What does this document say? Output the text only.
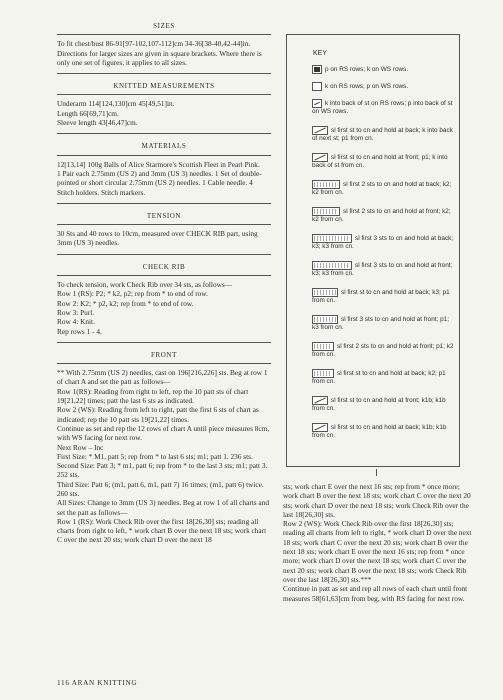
SIZES

To fit chest/bust 86-91[97-102,107-112]cm 34-36[38-40,42-44]in. Directions for larger sizes are given in square brackets. Where there is only one set of figures, it applies to all sizes.

KNITTED MEASUREMENTS

Underarm 114[124,130]cm 45[49,51]in.

Length 66[69,71]cm.

Sleeve length 43[46,47]cm.

MATERIALS

12[13,14] 100g Balls of Alice Starmore's Scottish Fleet in Pearl Pink.

1 Pair each 2.75mm (US 2) and 3mm (US 3) needles. 1 Set of double-pointed or short circular 2.75mm (US 2) needles. 1 Cable needle. 4 Stitch holders. Stitch markers.

TENSION

30 Sts and 40 rows to 10cm, measured over CHECK RIB part, using 3mm (US 3) needles.

CHECK RIB

To check tension, work Check Rib over 34 sts, as follows—

Row 1 (RS): P2; * k2, p2; rep from * to end of row.

Row 2: K2; * p2, k2; rep from * to end of row.

Row 3: Purl.

Row 4: Knit.

Rep rows 1 - 4.

FRONT

** With 2.75mm (US 2) needles, cast on 196[216,226] sts. Beg at row 1 of chart A and set the patt as follows—

Row 1(RS): Reading from right to left, rep the 10 patt sts of chart 19[21,22] times; patt the last 6 sts as indicated.

Row 2 (WS): Reading from left to right, patt the first 6 sts of chart as indicated; rep the 10 patt sts 19[21,22] times.

Continue as set and rep the 12 rows of chart A until piece measures 8cm, with WS facing for next row.

Next Row – Inc

First Size: * M1, patt 5; rep from * to last 6 sts; m1; patt 1. 236 sts.

Second Size: Patt 3; * m1, patt 6; rep from * to the last 3 sts; m1; patt 3. 252 sts.

Third Size: Patt 6; (m1, patt 6, m1, patt 7) 16 times; (m1, patt 6) twice. 260 sts.

All Sizes: Change to 3mm (US 3) needles. Beg at row 1 of all charts and set the patt as follows—

Row 1 (RS): Work Check Rib over the first 18[26,30] sts; reading all charts from right to left, * work chart B over the next 18 sts; work chart C over the next 20 sts; work chart D over the next 18

KEY
p on RS rows; k on WS rows.
k on RS rows; p on WS rows.
k into back of st on RS rows; p into back of st on WS rows.
sl first st to cn and hold at back; k into back of next st; p1 from cn.
sl first st to cn and hold at front; p1; k into back of st from cn.
sl first 2 sts to cn and hold at back; k2; k2 from cn.
sl first 2 sts to cn and hold at front; k2; k2 from cn.
sl first 3 sts to cn and hold at back; k3; k3 from cn.
sl first 3 sts to cn and hold at front; k3; k3 from cn.
sl first st to cn and hold at back; k3; p1 from cn.
sl first 3 sts to cn and hold at front; p1; k3 from cn.
sl first 2 sts to cn and hold at front; p1; k2 from cn.
sl first st to cn and hold at back; k2; p1 from cn.
sl first st to cn and hold at front; k1b; k1b from cn.
sl first st to cn and hold at back; k1b; k1b from cn.

sts; work chart E over the next 16 sts; rep from * once more; work chart B over the next 18 sts; work chart C over the next 20 sts; work chart D over the next 18 sts; work Check Rib over the last 18[26,30] sts.

Row 2 (WS): Work Check Rib over the first 18[26,30] sts; reading all charts from left to right, * work chart D over the next 18 sts; work chart C over the next 20 sts; work chart B over the next 18 sts; work chart E over the next 16 sts; rep from * once more; work chart D over the next 18 sts; work chart C over the next 20 sts; work chart B over the next 18 sts; work Check Rib over the last 18[26,30] sts.***

Continue in patt as set and rep all rows of each chart until front measures 58[61,63]cm from beg, with RS facing for next row.

116 ARAN KNITTING
